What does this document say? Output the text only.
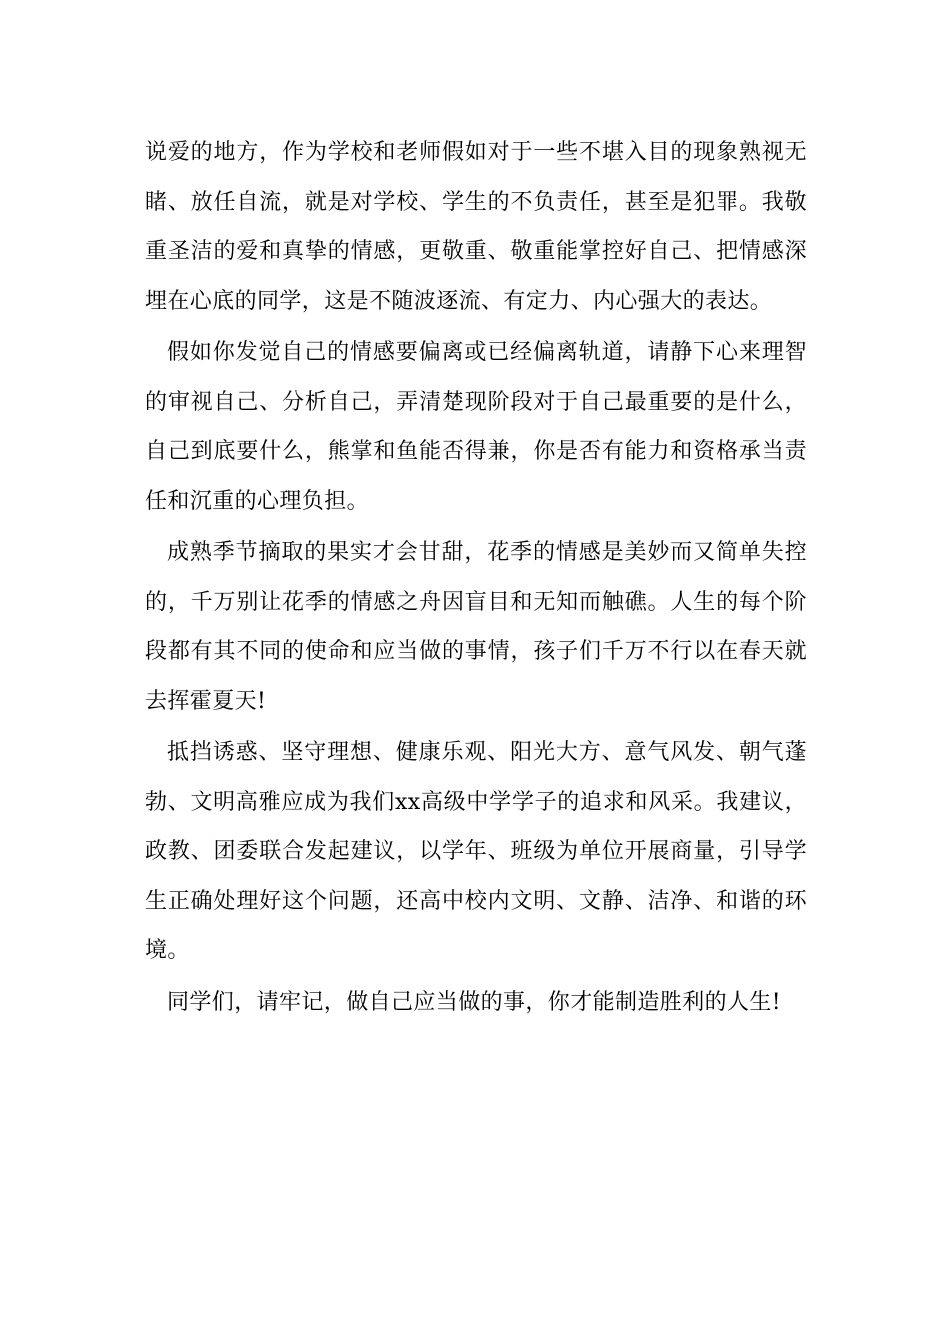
说爱的地方，作为学校和老师假如对于一些不堪入目的现象熟视无睹、放任自流，就是对学校、学生的不负责任，甚至是犯罪。我敬重圣洁的爱和真挚的情感，更敬重、敬重能掌控好自己、把情感深埋在心底的同学，这是不随波逐流、有定力、内心强大的表达。

假如你发觉自己的情感要偏离或已经偏离轨道，请静下心来理智的审视自己、分析自己，弄清楚现阶段对于自己最重要的是什么，自己到底要什么，熊掌和鱼能否得兼，你是否有能力和资格承当责任和沉重的心理负担。

成熟季节摘取的果实才会甘甜，花季的情感是美妙而又简单失控的，千万别让花季的情感之舟因盲目和无知而触礁。人生的每个阶段都有其不同的使命和应当做的事情，孩子们千万不行以在春天就去挥霍夏天!

抵挡诱惑、坚守理想、健康乐观、阳光大方、意气风发、朝气蓬勃、文明高雅应成为我们xx高级中学学子的追求和风采。我建议，政教、团委联合发起建议，以学年、班级为单位开展商量，引导学生正确处理好这个问题，还高中校内文明、文静、洁净、和谐的环境。

同学们，请牢记，做自己应当做的事，你才能制造胜利的人生!
